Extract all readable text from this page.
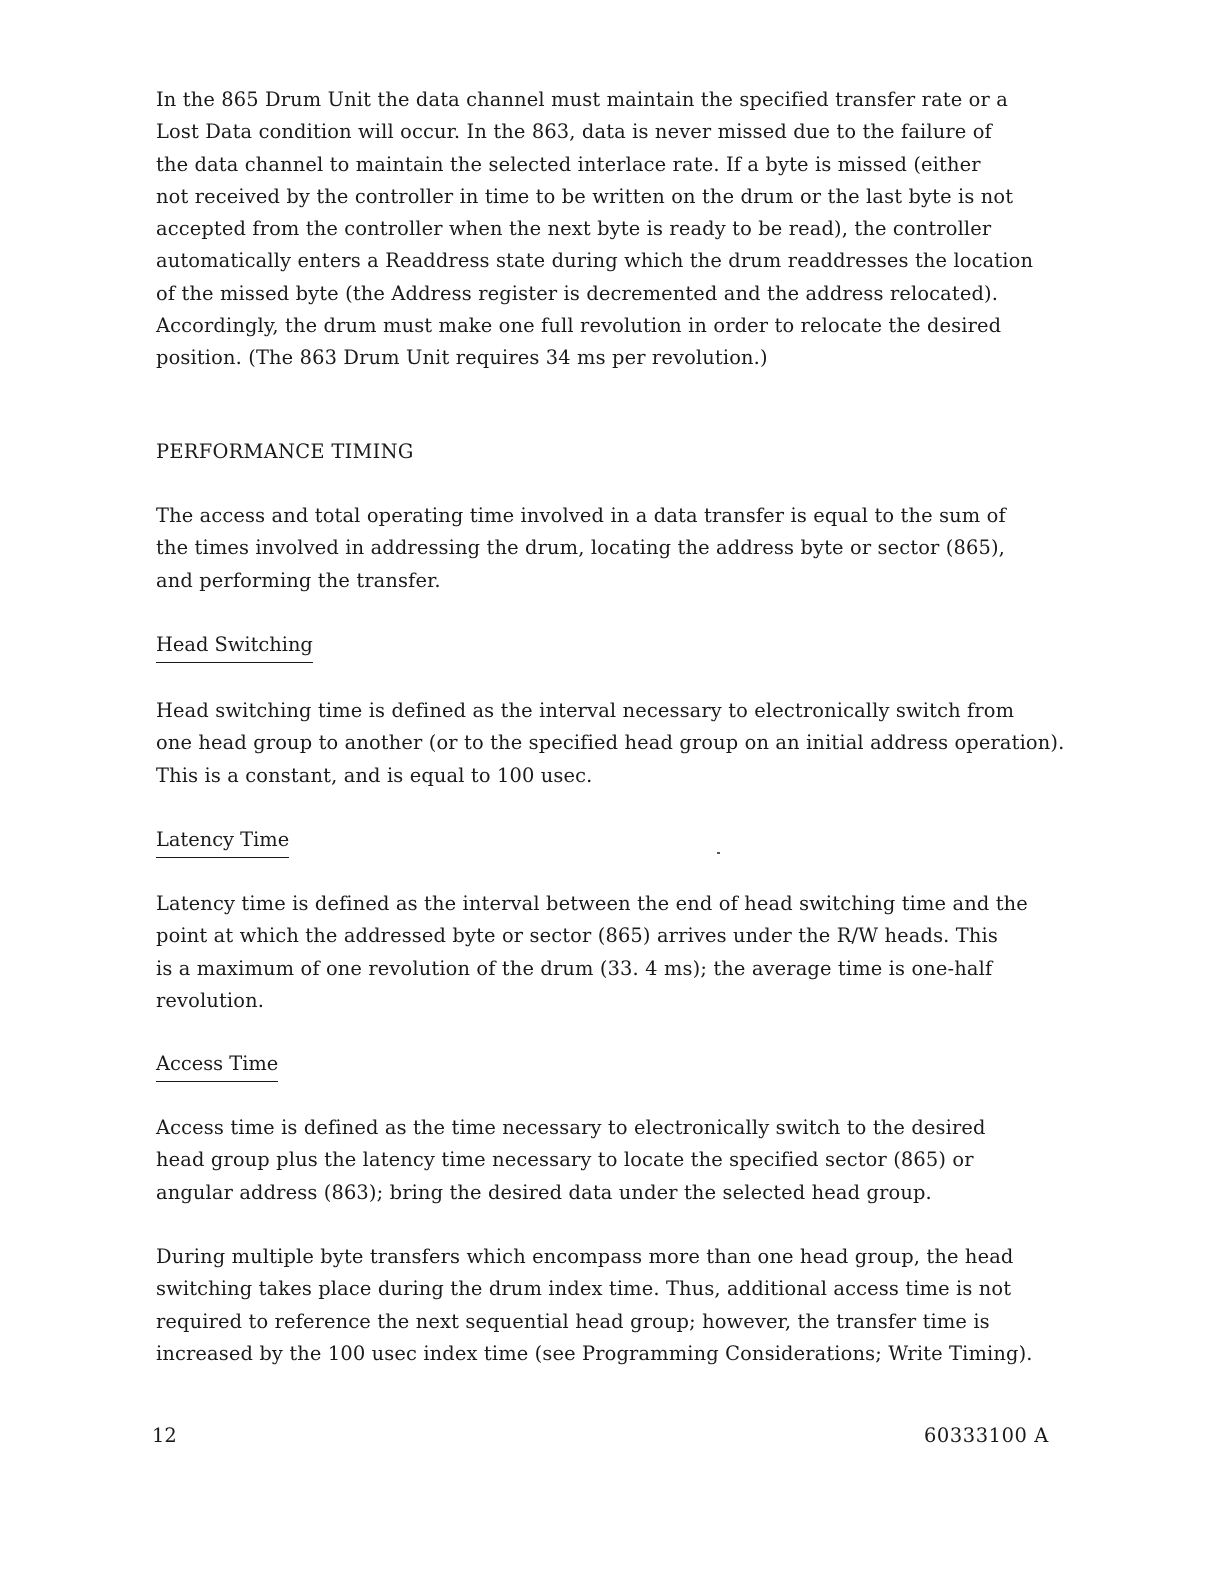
In the 865 Drum Unit the data channel must maintain the specified transfer rate or a
Lost Data condition will occur. In the 863, data is never missed due to the failure of
the data channel to maintain the selected interlace rate. If a byte is missed (either
not received by the controller in time to be written on the drum or the last byte is not
accepted from the controller when the next byte is ready to be read), the controller
automatically enters a Readdress state during which the drum readdresses the location
of the missed byte (the Address register is decremented and the address relocated).
Accordingly, the drum must make one full revolution in order to relocate the desired
position. (The 863 Drum Unit requires 34 ms per revolution.)

PERFORMANCE TIMING

The access and total operating time involved in a data transfer is equal to the sum of
the times involved in addressing the drum, locating the address byte or sector (865),
and performing the transfer.

Head Switching

Head switching time is defined as the interval necessary to electronically switch from
one head group to another (or to the specified head group on an initial address operation).
This is a constant, and is equal to 100 usec.

Latency Time

Latency time is defined as the interval between the end of head switching time and the
point at which the addressed byte or sector (865) arrives under the R/W heads. This
is a maximum of one revolution of the drum (33. 4 ms); the average time is one-half
revolution.

Access Time

Access time is defined as the time necessary to electronically switch to the desired
head group plus the latency time necessary to locate the specified sector (865) or
angular address (863); bring the desired data under the selected head group.

During multiple byte transfers which encompass more than one head group, the head
switching takes place during the drum index time. Thus, additional access time is not
required to reference the next sequential head group; however, the transfer time is
increased by the 100 usec index time (see Programming Considerations; Write Timing).

12	60333100 A
